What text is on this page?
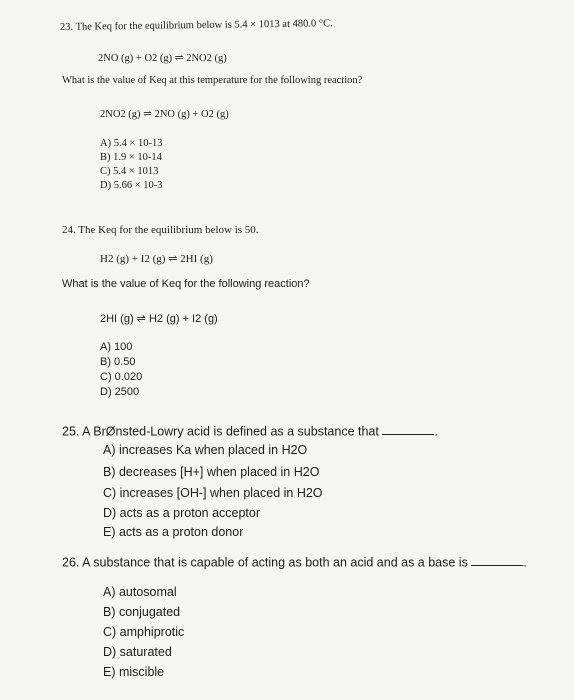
23. The Keq for the equilibrium below is 5.4 × 1013 at 480.0 °C.
2NO (g) + O2 (g) ⇌ 2NO2 (g)
What is the value of Keq at this temperature for the following reaction?
2NO2 (g) ⇌ 2NO (g) + O2 (g)
A) 5.4 × 10-13
B) 1.9 × 10-14
C) 5.4 × 1013
D) 5.66 × 10-3
24. The Keq for the equilibrium below is 50.
H2 (g) + I2 (g) ⇌ 2HI (g)
What is the value of Keq for the following reaction?
2HI (g) ⇌ H2 (g) + I2 (g)
A) 100
B) 0.50
C) 0.020
D) 2500
25. A BrØnsted-Lowry acid is defined as a substance that	.
A) increases Ka when placed in H2O
B) decreases [H+] when placed in H2O
C) increases [OH-] when placed in H2O
D) acts as a proton acceptor
E) acts as a proton donor
26. A substance that is capable of acting as both an acid and as a base is	.
A) autosomal
B) conjugated
C) amphiprotic
D) saturated
E) miscible
